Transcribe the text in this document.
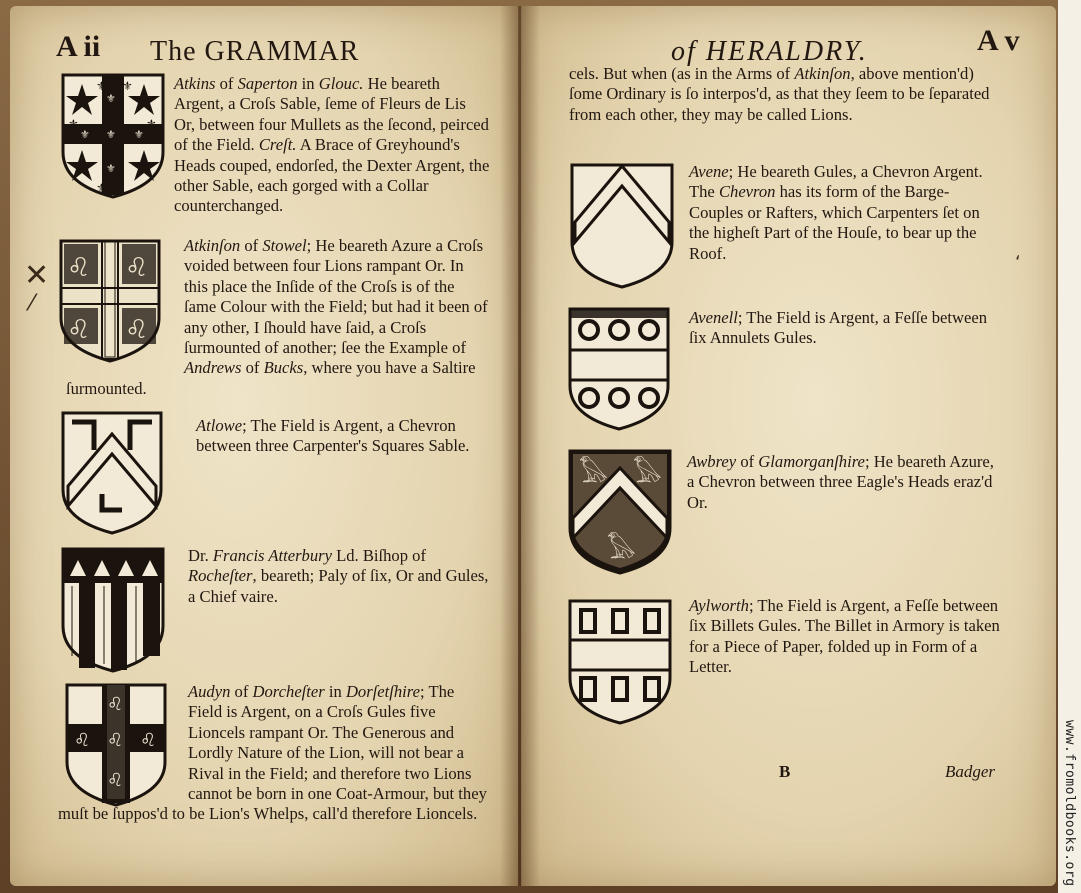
A ii The GRAMMAR
⚜ ⚜
⚜	⚜
⚜
⚜
⚜
⚜
⚜	⚜
Atkins of Saperton in Glouc. He beareth Argent, a Croſs Sable, ſeme of Fleurs de Lis Or, between four Mullets as the ſecond, peirced of the Field. Creſt. A Brace of Greyhound's Heads couped, endorſed, the Dexter Argent, the other Sable, each gorged with a Collar counterchanged.
♌ ♌
♌ ♌
Atkinſon of Stowel; He beareth Azure a Croſs voided between four Lions rampant Or. In this place the Inſide of the Croſs is of the ſame Colour with the Field; but had it been of any other, I ſhould have ſaid, a Croſs ſurmounted of another; ſee the Example of Andrews of Bucks, where you have a Saltire ſurmounted.
Atlowe; The Field is Argent, a Chevron between three Carpenter's Squares Sable.
Dr. Francis Atterbury Ld. Biſhop of Rocheſter, beareth; Paly of ſix, Or and Gules, a Chief vaire.
♌
♌ ♌ ♌
♌
Audyn of Dorcheſter in Dorſetſhire; The Field is Argent, on a Croſs Gules five Lioncels rampant Or. The Generous and Lordly Nature of the Lion, will not bear a Rival in the Field; and therefore two Lions cannot be born in one Coat-Armour, but they muſt be ſuppos'd to be Lion's Whelps, call'd therefore Lioncels.
✕
⁄
of HERALDRY.	A v
cels. But when (as in the Arms of Atkinſon, above mention'd) ſome Ordinary is ſo interpos'd, as that they ſeem to be ſeparated from each other, they may be called Lions.
Avene; He beareth Gules, a Chevron Argent. The Chevron has its form of the Barge-Couples or Rafters, which Carpenters ſet on the higheſt Part of the Houſe, to bear up the Roof.
Avenell; The Field is Argent, a Feſſe between ſix Annulets Gules.
𓅃 𓅃
𓅃
Awbrey of Glamorganſhire; He beareth Azure, a Chevron between three Eagle's Heads eraz'd Or.
Aylworth; The Field is Argent, a Feſſe between ſix Billets Gules. The Billet in Armory is taken for a Piece of Paper, folded up in Form of a Letter.
B	Badger
ʻ
www.fromoldbooks.org
